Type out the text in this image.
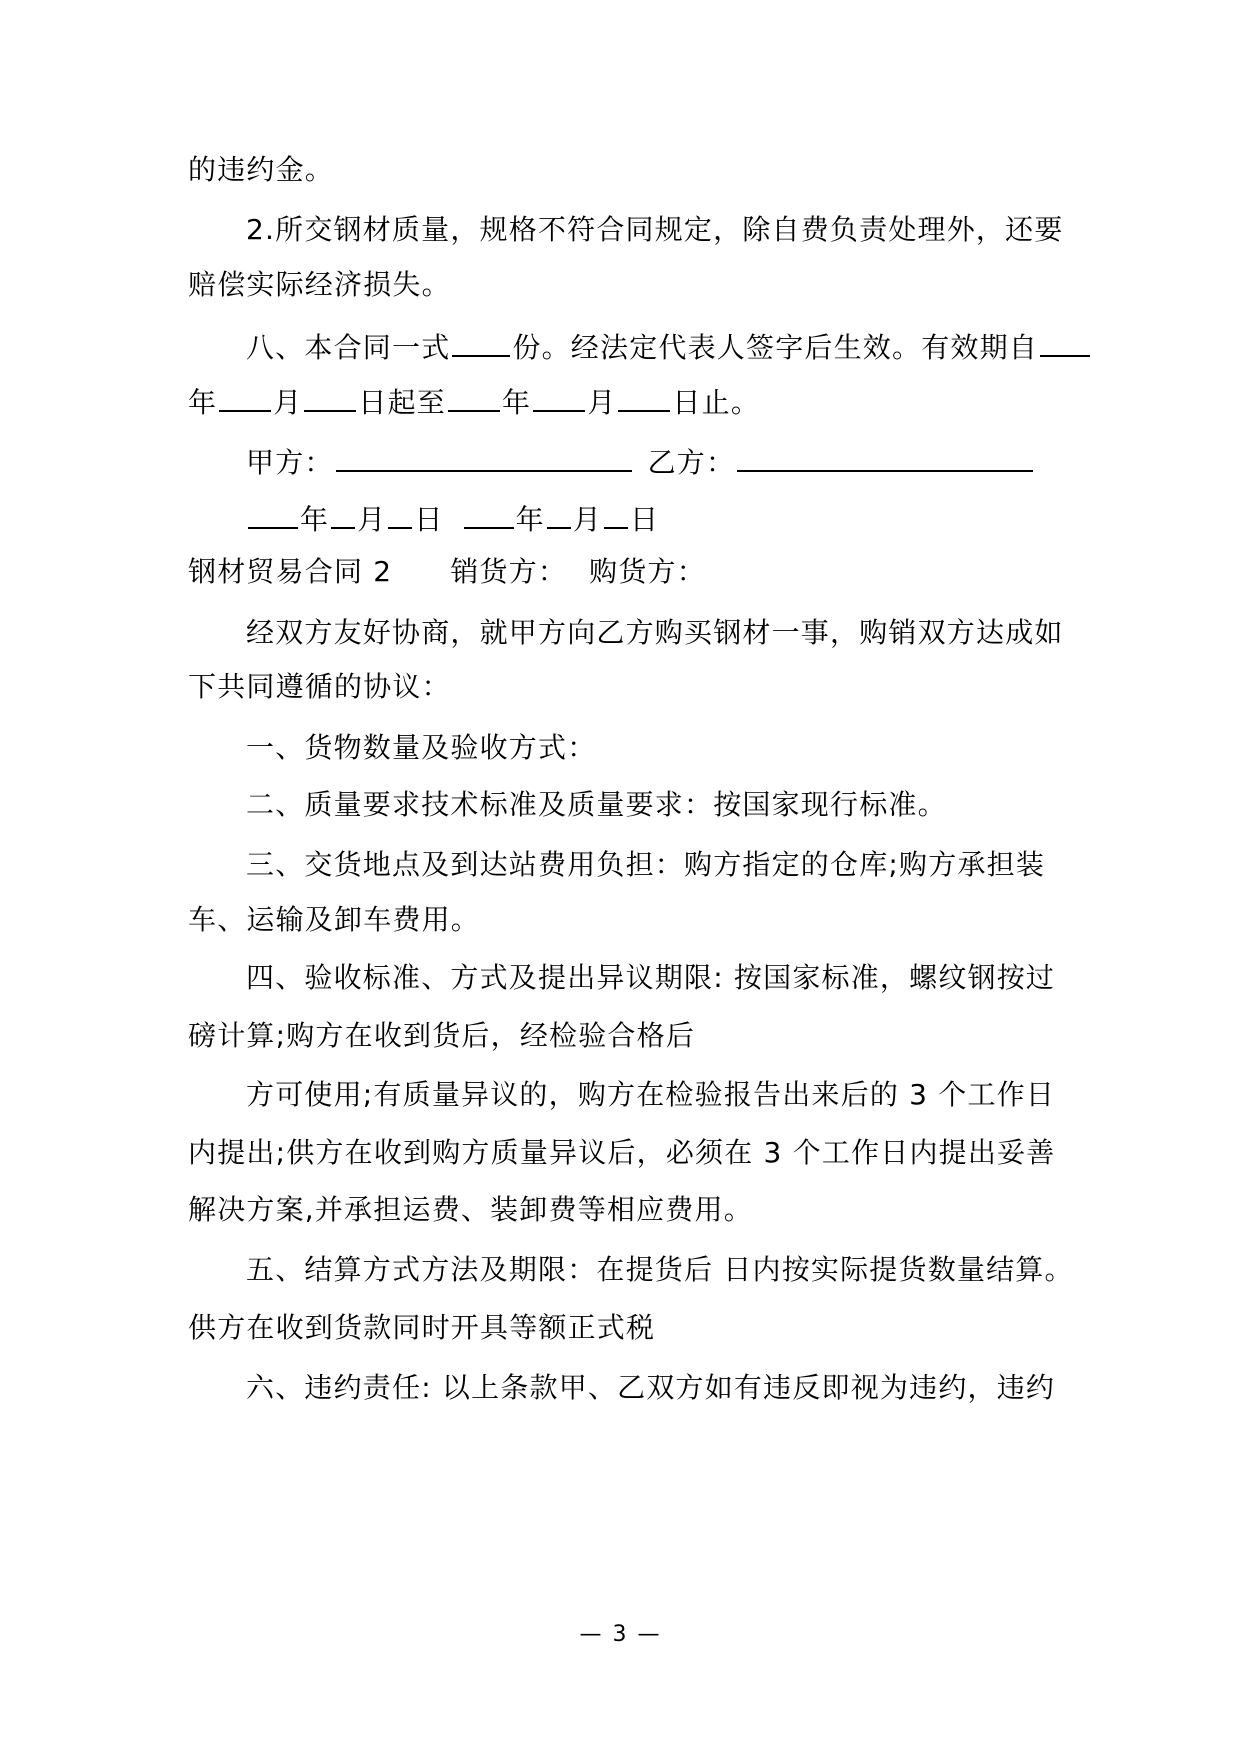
的违约金。
2.所交钢材质量，规格不符合同规定，除自费负责处理外，还要
赔偿实际经济损失。
八、本合同一式 份。经法定代表人签字后生效。有效期自
年 月 日起至 年 月 日止。
甲方：	乙方：
年 月 日	年 月 日
钢材贸易合同 2 销货方： 购货方：
经双方友好协商，就甲方向乙方购买钢材一事，购销双方达成如
下共同遵循的协议：
一、货物数量及验收方式：
二、质量要求技术标准及质量要求：按国家现行标准。
三、交货地点及到达站费用负担：购方指定的仓库;购方承担装
车、运输及卸车费用。
四、验收标准、方式及提出异议期限: 按国家标准，螺纹钢按过
磅计算;购方在收到货后，经检验合格后
方可使用;有质量异议的，购方在检验报告出来后的 3 个工作日
内提出;供方在收到购方质量异议后，必须在 3 个工作日内提出妥善
解决方案,并承担运费、装卸费等相应费用。
五、结算方式方法及期限：在提货后 日内按实际提货数量结算。
供方在收到货款同时开具等额正式税
六、违约责任: 以上条款甲、乙双方如有违反即视为违约，违约
— 3 —
